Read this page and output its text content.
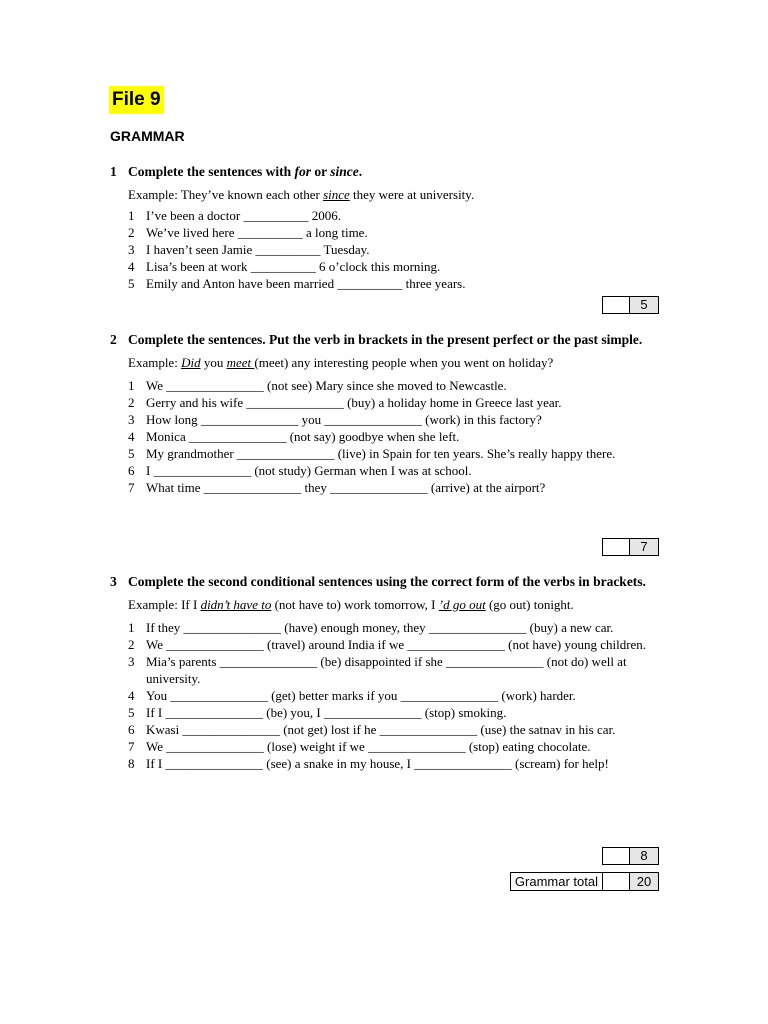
File 9
GRAMMAR
1 Complete the sentences with for or since.
Example: They’ve known each other since they were at university.
1 I’ve been a doctor __________ 2006.
2 We’ve lived here __________ a long time.
3 I haven’t seen Jamie __________ Tuesday.
4 Lisa’s been at work __________ 6 o’clock this morning.
5 Emily and Anton have been married __________ three years.
5
2 Complete the sentences. Put the verb in brackets in the present perfect or the past simple.
Example: Did you meet (meet) any interesting people when you went on holiday?
1 We _______________ (not see) Mary since she moved to Newcastle.
2 Gerry and his wife _______________ (buy) a holiday home in Greece last year.
3 How long _______________ you _______________ (work) in this factory?
4 Monica _______________ (not say) goodbye when she left.
5 My grandmother _______________ (live) in Spain for ten years. She’s really happy there.
6 I _______________ (not study) German when I was at school.
7 What time _______________ they _______________ (arrive) at the airport?
7
3 Complete the second conditional sentences using the correct form of the verbs in brackets.
Example: If I didn’t have to (not have to) work tomorrow, I ’d go out (go out) tonight.
1 If they _______________ (have) enough money, they _______________ (buy) a new car.
2 We _______________ (travel) around India if we _______________ (not have) young children.
3 Mia’s parents _______________ (be) disappointed if she _______________ (not do) well at university.
4 You _______________ (get) better marks if you _______________ (work) harder.
5 If I _______________ (be) you, I _______________ (stop) smoking.
6 Kwasi _______________ (not get) lost if he _______________ (use) the satnav in his car.
7 We _______________ (lose) weight if we _______________ (stop) eating chocolate.
8 If I _______________ (see) a snake in my house, I _______________ (scream) for help!
8
Grammar total	20
